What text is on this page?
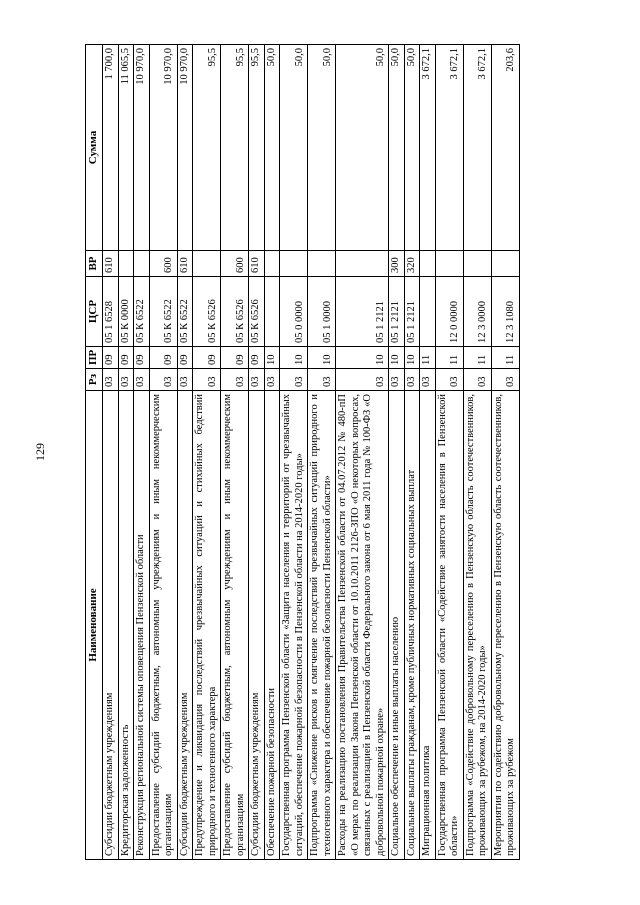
129
Наименование	Рз	ПР	ЦСР	ВР	Сумма
Субсидии бюджетным учреждениям	03	09	05 1 6528	610	1 700,0
Кредиторская задолженность	03	09	05 К 0000		11 065,5
Реконструкция региональной системы оповещения Пензенской области	03	09	05 К 6522		10 970,0
Предоставление субсидий бюджетным, автономным учреждениям и иным некоммерческим организациям	03	09	05 К 6522	600	10 970,0
Субсидии бюджетным учреждениям	03	09	05 К 6522	610	10 970,0
Предупреждение и ликвидация последствий чрезвычайных ситуаций и стихийных бедствий природного и техногенного характера	03	09	05 К 6526		95,5
Предоставление субсидий бюджетным, автономным учреждениям и иным некоммерческим организациям	03	09	05 К 6526	600	95,5
Субсидии бюджетным учреждениям	03	09	05 К 6526	610	95,5
Обеспечение пожарной безопасности	03	10			50,0
Государственная программа Пензенской области «Защита населения и территорий от чрезвычайных ситуаций, обеспечение пожарной безопасности в Пензенской области на 2014-2020 годы»	03	10	05 0 0000		50,0
Подпрограмма «Снижение рисков и смягчение последствий чрезвычайных ситуаций природного и техногенного характера и обеспечение пожарной безопасности Пензенской области»	03	10	05 1 0000		50,0
Расходы на реализацию постановления Правительства Пензенской области от 04.07.2012 № 480-пП «О мерах по реализации Закона Пензенской области от 10.10.2011 2126-ЗПО «О некоторых вопросах, связанных с реализацией в Пензенской области Федерального закона от 6 мая 2011 года № 100-ФЗ «О добровольной пожарной охране»	03	10	05 1 2121		50,0
Социальное обеспечение и иные выплаты населению	03	10	05 1 2121	300	50,0
Социальные выплаты гражданам, кроме публичных нормативных социальных выплат	03	10	05 1 2121	320	50,0
Миграционная политика	03	11			3 672,1
Государственная программа Пензенской области «Содействие занятости населения в Пензенской области»	03	11	12 0 0000		3 672,1
Подпрограмма «Содействие добровольному переселению в Пензенскую область соотечественников, проживающих за рубежом, на 2014-2020 годы»	03	11	12 3 0000		3 672,1
Мероприятия по содействию добровольному переселению в Пензенскую область соотечественников, проживающих за рубежом	03	11	12 3 1080		203,6
